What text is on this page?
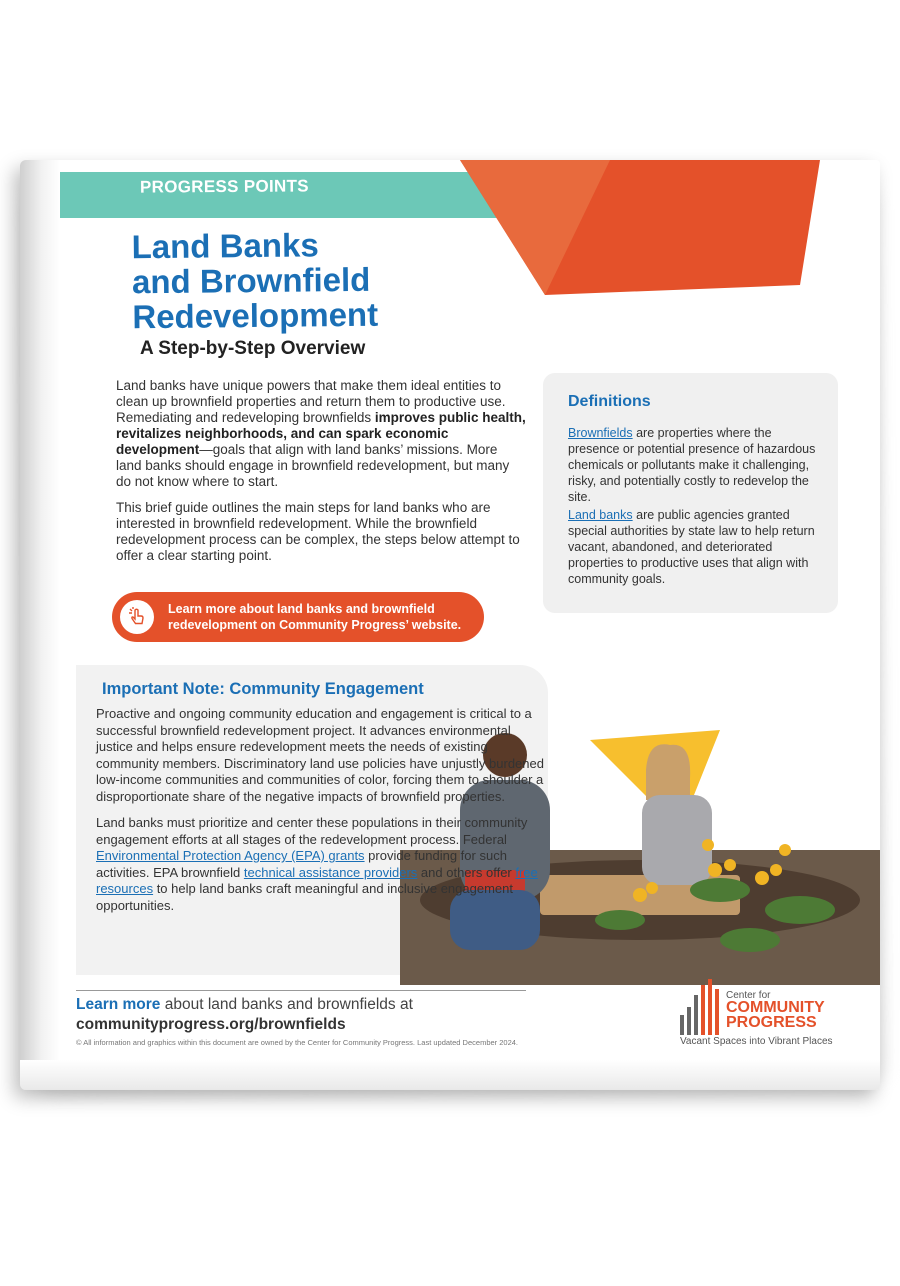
PROGRESS POINTS
Land Banks
and Brownfield
Redevelopment
A Step-by-Step Overview

Land banks have unique powers that make them ideal entities to clean up brownfield properties and return them to productive use. Remediating and redeveloping brownfields improves public health, revitalizes neighborhoods, and can spark economic development—goals that align with land banks’ missions. More land banks should engage in brownfield redevelopment, but many do not know where to start.

This brief guide outlines the main steps for land banks who are interested in brownfield redevelopment. While the brownfield redevelopment process can be complex, the steps below attempt to offer a clear starting point.

Learn more about land banks and brownfield
redevelopment on Community Progress’ website.
Definitions

Brownfields are properties where the presence or potential presence of hazardous chemicals or pollutants make it challenging, risky, and potentially costly to redevelop the site.

Land banks are public agencies granted special authorities by state law to help return vacant, abandoned, and deteriorated properties to productive uses that align with community goals.

Important Note: Community Engagement

Proactive and ongoing community education and engagement is critical to a successful brownfield redevelopment project. It advances environmental justice and helps ensure redevelopment meets the needs of existing community members. Discriminatory land use policies have unjustly burdened low-income communities and communities of color, forcing them to shoulder a disproportionate share of the negative impacts of brownfield properties.

Land banks must prioritize and center these populations in their community engagement efforts at all stages of the redevelopment process. Federal Environmental Protection Agency (EPA) grants provide funding for such activities. EPA brownfield technical assistance providers and others offer free resources to help land banks craft meaningful and inclusive engagement opportunities.

Learn more about land banks and brownfields at
communityprogress.org/brownfields
© All information and graphics within this document are owned by the Center for Community Progress. Last updated December 2024.
Center for
COMMUNITY
PROGRESS
Vacant Spaces into Vibrant Places
